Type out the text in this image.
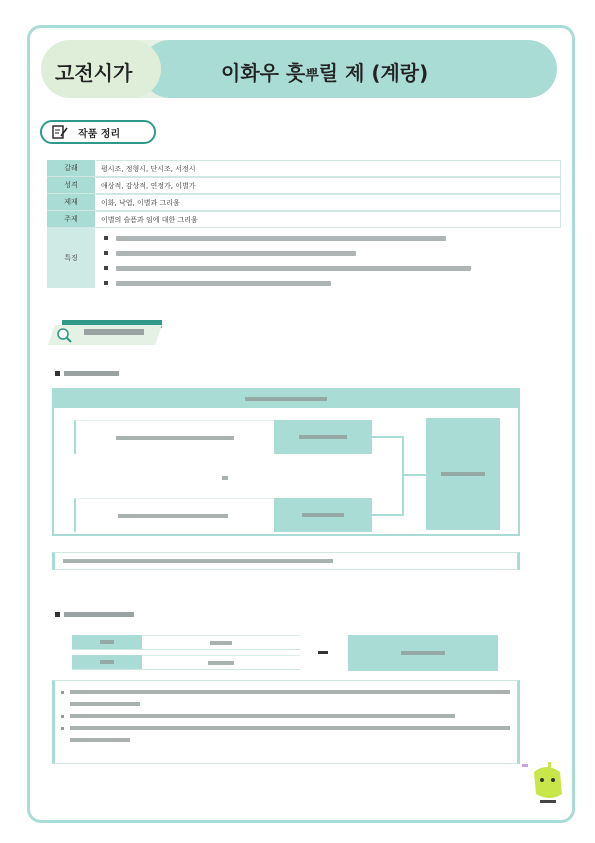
고전시가	이화우 흣뿌릴 제 (계랑)
작품 정리
갈래	평시조, 정형시, 단시조, 서정시
성격	애상적, 감상적, 연정가, 이별가
제재	이화, 낙엽, 이별과 그리움
주제	이별의 슬픔과 임에 대한 그리움
특징
